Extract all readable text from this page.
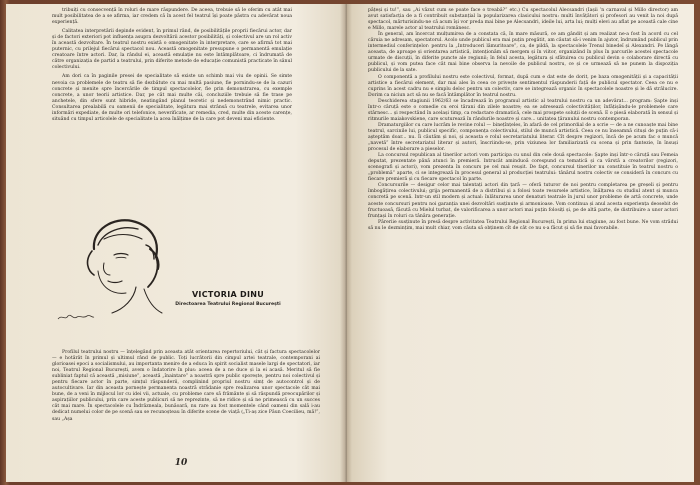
tribuiți cu consecvență în roluri de mare răspundere. De aceea, trebuie să le oferim cu atât mai mult posibilitatea de a se afirma, iar credem că în acest fel teatrul își poate păstra cu adevărat noua experiență.

Calitatea interpretării depinde evident, în primul rând, de posibilitățile proprii fiecărui actor, dar și de factori exteriori pot influența asupra dezvoltării acestor posibilități, și colectivul are un rol activ în această dezvoltare. În teatrul nostru există o omogenitate în interpretare, care se afirmă tot mai puternic, cu prilejul fiecărui spectacol nou. Această omogenitate presupune o permanentă emulație creatoare între actori. Dar, la rândul ei, această emulație nu este întâmplătoare, ci îndrumată de către organizația de partid a teatrului, prin diferite metode de educație comunistă practicate în sânul colectivului.

Am dori ca în paginile presei de specialitate să existe un schimb mai viu de opinii. Se simte nevoia ca problemele de teatru să fie dezbătute cu mai multă pasiune, fie pornindu-se de la cazuri concrete și menite spre încercările de timpul spectacolelor, fie prin demonstrarea, cu exemple concrete, a unor teorii artistice. Dar, pe cât mai multe căi, concluziile trebuie să fie trase pe anchetele, din sfere sunt hibride, neatingând planul teoretic și nedemonstrând nimic practic. Consultarea prealabilă cu oamenii de specialitate, legătura mai strânsă cu teatrele, evitarea unor informări expediate, de multe ori telefonice, neverificate, ar remedia, cred, multe din aceste carențe, situând cu timpul articolele de specialitate la acea înălțime de la care pot deveni mai eficiente.

VICTORIA DINU
Directoarea Teatrului Regional București

Profilul teatrului nostru — înțelegând prin aceasta atât orientarea repertoriului, cât și factura spectacolelor — e hotărât în primul și ultimul rând de public. Toți lucrătorii din cimpul artei teatrale, contemporani ai glorioasei epoci a socialismului, au importanta menire de a educa în spirit socialist masele largi de spectatori, iar noi, Teatrul Regional București, avem o îndatorire în plus: aceea de a ne duce și la ei acasă. Meritul să fie subliniat faptul că această „misiune”, această „înaintare” a noastră spre public sporește, pentru noi colectivul și pentru fiecare actor în parte, simțul răspunderii, complinind propriul nostru simț de autocontrol și de autocultivare. Iar din aceasta pornește permanenta noastră strădanie spre realizarea unor spectacole cât mai bune, de a veni în mijlocul lor cu idei vii, actuale, cu probleme care să frământe și să răspundă preocupărilor și aspirațiilor publicului, prin care aceste publicuri să ne reprezinte, să ne ridice și să ne primească cu un succes cât mai mare. În spectacolele cu Îndrăzneala, bunăoară, nu rare au fost momentele când oameni din sală i-au dedicat numelui color de pe scenă sau se recunoșteau în diferite scene de viață („Ti-aș zice Păun Coecilieu, mă!”, sau „Așa

10

pățeși și tu!”, sau „Ai văzut cum se poate face o treabă?” etc.) Cu spectacolul Alecsandri (Iașii ’n carnaval și Millo director) am avut satisfacția de a fi contribuit substanțial la popularizarea clasicului nostru: multi învățători și profesori au venit la noi după spectacol, mărturisindu-ne că acum își vor preda mai bine pe Alecsandri, ideile lui, arta lui; mulți elevi au aflat pe această cale cine e Millo, marele actor al teatrului românesc.

În general, am încercat mulțumirea de a constata că, în mare măsură, ce am gândit și am realizat ne-a fost în acord cu cel căruia ne adresam, spectatorul. Acolo unde publicul era mai puțin pregătit, am căutat să-i venim în ajutor, îndrumând publicul prin intermediul conferințelor: pentru la „Introduceri lămuritoare”, ca, de pildă, la spectacolele Trenul binedeî și Alexandri. Pe lângă aceasta, de aproape și orientarea artistică, intenționăm să mergem și în viitor, organizând în plus în parcurile acestei spectacole urmate de discuții, în diferite puncte ale regiunii; în felul acesta, legătura și sfătuirea cu publicul devin o colaborare directă cu publicul, și vom putea face cât mai bine observa la nevoile de publicul nostru, ce și ce urmează să ne punem la dispoziția publicului de la sate.

O componentă a profilului nostru este colectivul, format, după cum e dat este de dorit, pe baza omogenității și a capacității artistice a fiecărui element, dar mai ales în ceea ce privește sentimentul răspunderii față de publicul spectator. Ceea ce nu e cuprins în acest cadru nu e simplu deloc pentru un colectiv, care se integrează organic în spectacolele noastre și le dă strălucire. Dorim ca niciun act să nu se facă întâmplător în teatrul nostru.

Deschiderea stagiunii 1962/63 se încadrează în programul artistic al teatrului nostru ca un adevărat... program: Șapte inși într-o căruță este o comedie cu eroi tărani din zilele noastre; ea se adresează colectivităților, înfățișându-le problemele care stârnesc... și respectând în același timp, ca redactare dramatică, cele mai prospete soluții de scenă. E o piesă elaborată în sensul și ritmurile maiakovskiene, care scuturează în rândurile noastre și care... unitatea țăranului nostru contemporan.

Dramaturgiilor cu care lucrăm le revine rolul — binețînțeles, în afară de cel primordial de a scrie — de a ne cunoaște mai bine teatrul, sarcinile lui, publicul specific, componența colectivului, stilul de muncă artistică. Ceea ce nu înseamnă cituși de puțin că-i așteptăm doar... nu. Îi căutăm și noi, și aceasta e rolul secretariatului literar. Cît despre regizori, încă de pe acum fac o muncă „navetă” între secretariatul literar și autori, înscriindu-se, prin viziunea lor familiarizată cu scena și prin fantezie, în însuși procesul de elaborare a pieselor.

La concursul republican al tinerilor actori vom participa cu unul din cele două spectacole: Șapte inși într-o căruță sau Femeia deputat, prezentate până atunci în premieră. Intrucât aminduoă corespund ca tematică și ca vârstă a creatorilor (regizori, scenografi și actori), vom prezenta în concurs pe cel mai reușit. De fapt, concursul tinerilor nu constituie în teatrul nostru o „problemă” aparte, ci se integrează în procesul general al producției teatrului: tânărul nostru colectiv se consideră în concurs cu fiecare premieră și cu fiecare spectacol în parte.

Concursurile — desigur celor mai talentați actori din țară — oferă tuturor de noi pentru completarea pe greșeli și pentru îmbogățirea colectivului; grija permanentă de a distribui și a folosi toate resursele artistice, înălțarea cu studiul atent și munca concretă pe scenă. Intr-un stil modern și actual: înlăturarea unor denaturi teatrale în jurul unor probleme de artă concrete, unde aceste concursuri pentru noi garanția unei dezvoltări susținute și armonioase. Vom continua și anul acesta experiența deosebit de fructuoasă, făcută cu Mielul turbat, de valorificarea a unor actori mai puțin folosiți și, pe de altă parte, de distribuire a unor actori frunțași în roluri ca tânăra generație.

Păreriie susținute în presă despre activitatea Teatrului Regional București, în prima lui stagiune, au fost bune. Ne vom strădui să nu le dezmințim, mai mult chiar, vom căuta să obținem cît de cât ce nu s-a făcut și să fie mai favorabile.
